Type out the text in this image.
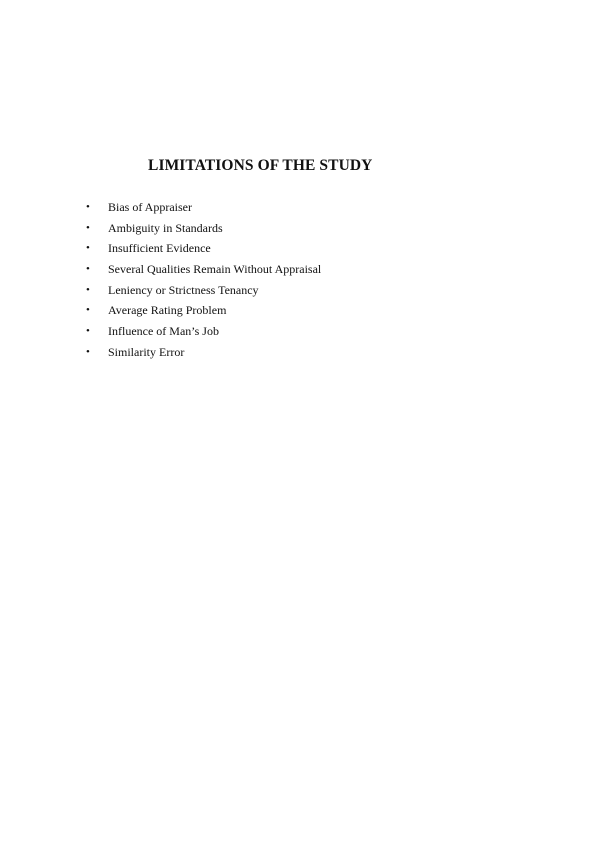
LIMITATIONS OF THE STUDY
•	Bias of Appraiser
•	Ambiguity in Standards
•	Insufficient Evidence
•	Several Qualities Remain Without Appraisal
•	Leniency or Strictness Tenancy
•	Average Rating Problem
•	Influence of Man’s Job
•	Similarity Error
